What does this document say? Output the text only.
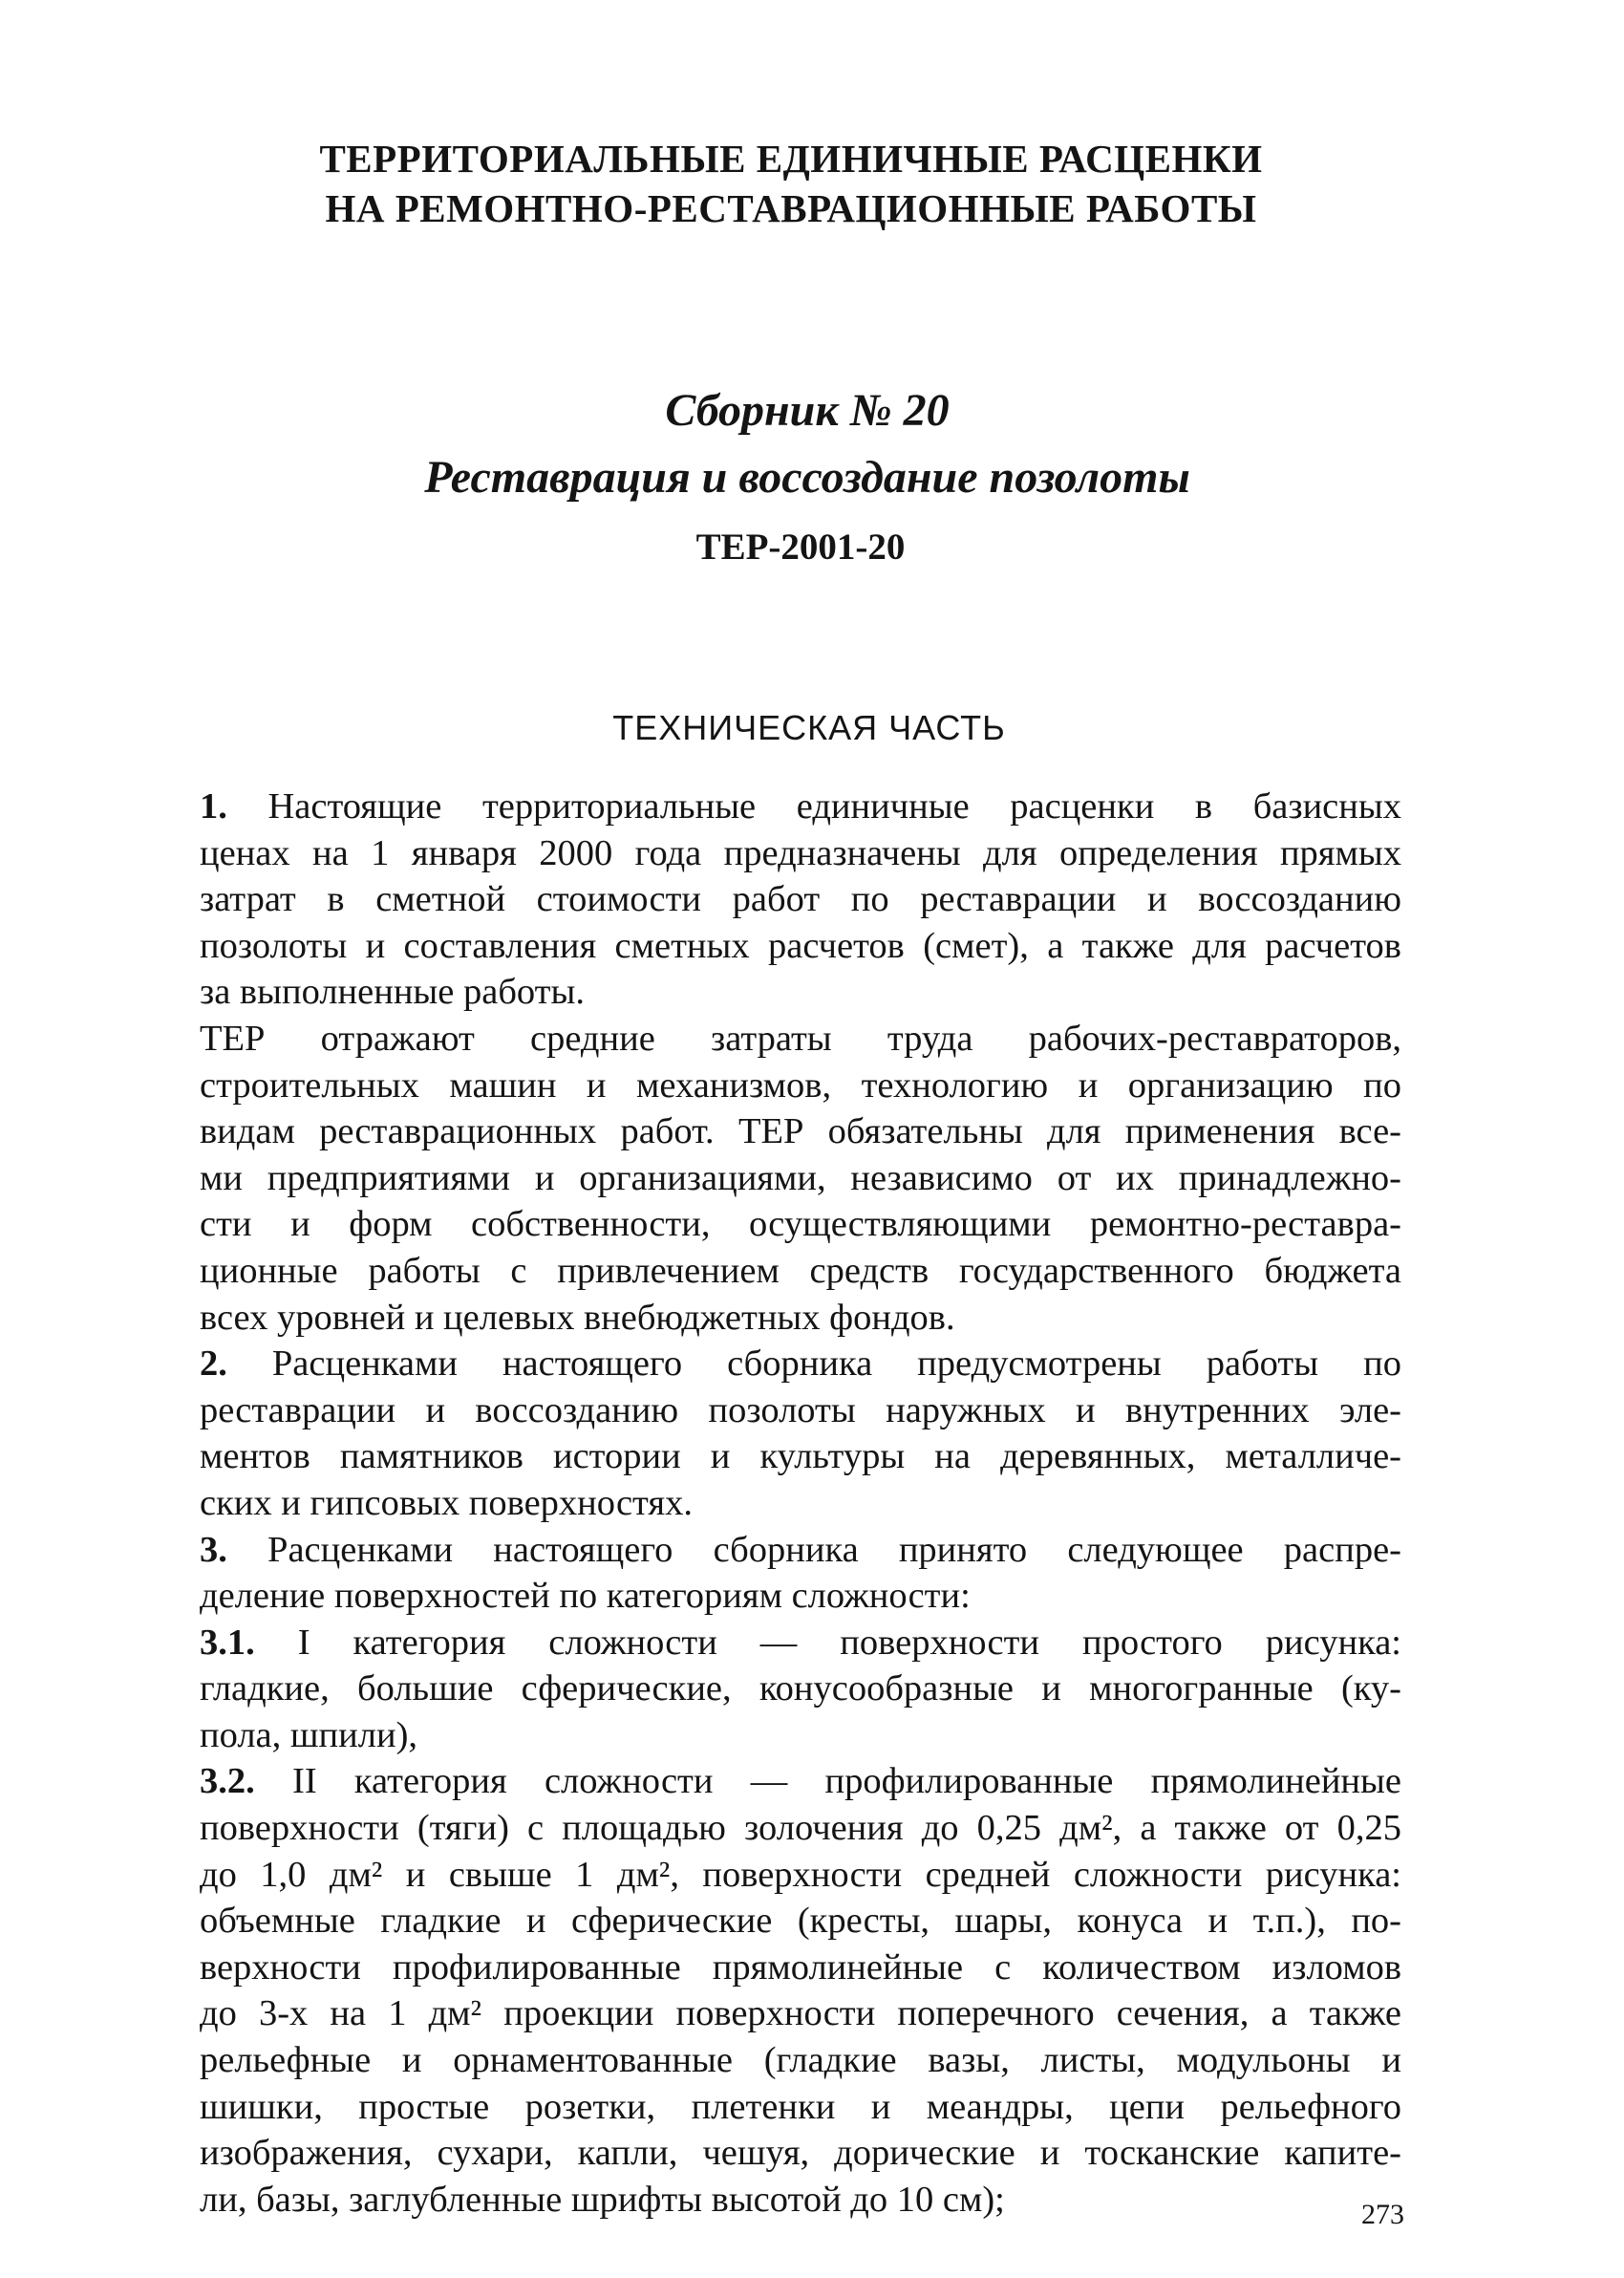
ТЕРРИТОРИАЛЬНЫЕ ЕДИНИЧНЫЕ РАСЦЕНКИ
НА РЕМОНТНО-РЕСТАВРАЦИОННЫЕ РАБОТЫ
Сборник № 20
Реставрация и воссоздание позолоты
ТЕР-2001-20
ТЕХНИЧЕСКАЯ ЧАСТЬ

1. Настоящие территориальные единичные расценки в базисных
ценах на 1 января 2000 года предназначены для определения прямых
затрат в сметной стоимости работ по реставрации и воссозданию
позолоты и составления сметных расчетов (смет), а также для расчетов
за выполненные работы.

ТЕР отражают средние затраты труда рабочих-реставраторов,
строительных машин и механизмов, технологию и организацию по
видам реставрационных работ. ТЕР обязательны для применения все-
ми предприятиями и организациями, независимо от их принадлежно-
сти и форм собственности, осуществляющими ремонтно-реставра-
ционные работы с привлечением средств государственного бюджета
всех уровней и целевых внебюджетных фондов.

2. Расценками настоящего сборника предусмотрены работы по
реставрации и воссозданию позолоты наружных и внутренних эле-
ментов памятников истории и культуры на деревянных, металличе-
ских и гипсовых поверхностях.

3. Расценками настоящего сборника принято следующее распре-
деление поверхностей по категориям сложности:

3.1. I категория сложности — поверхности простого рисунка:
гладкие, большие сферические, конусообразные и многогранные (ку-
пола, шпили),

3.2. II категория сложности — профилированные прямолинейные
поверхности (тяги) с площадью золочения до 0,25 дм², а также от 0,25
до 1,0 дм² и свыше 1 дм², поверхности средней сложности рисунка:
объемные гладкие и сферические (кресты, шары, конуса и т.п.), по-
верхности профилированные прямолинейные с количеством изломов
до 3-х на 1 дм² проекции поверхности поперечного сечения, а также
рельефные и орнаментованные (гладкие вазы, листы, модульоны и
шишки, простые розетки, плетенки и меандры, цепи рельефного
изображения, сухари, капли, чешуя, дорические и тосканские капите-
ли, базы, заглубленные шрифты высотой до 10 см);	273
